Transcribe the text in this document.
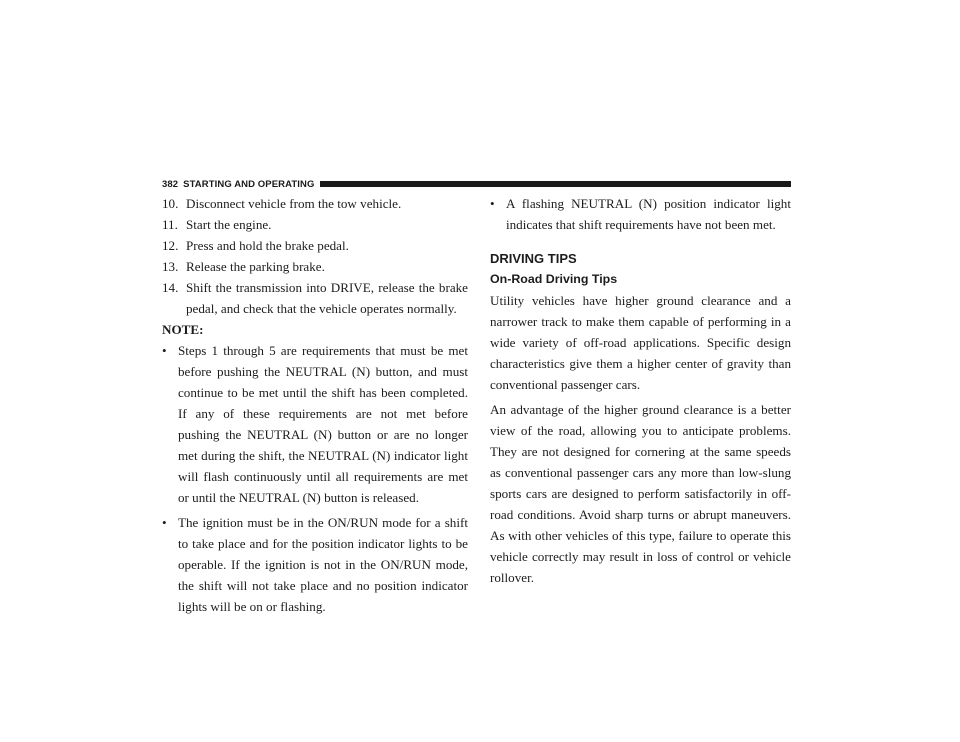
382 STARTING AND OPERATING

10. Disconnect vehicle from the tow vehicle.

11. Start the engine.

12. Press and hold the brake pedal.

13. Release the parking brake.

14. Shift the transmission into DRIVE, release the brake pedal, and check that the vehicle operates normally.

NOTE:

• Steps 1 through 5 are requirements that must be met before pushing the NEUTRAL (N) button, and must continue to be met until the shift has been completed. If any of these requirements are not met before pushing the NEUTRAL (N) button or are no longer met during the shift, the NEUTRAL (N) indicator light will flash continuously until all requirements are met or until the NEUTRAL (N) button is released.

• The ignition must be in the ON/RUN mode for a shift to take place and for the position indicator lights to be operable. If the ignition is not in the ON/RUN mode, the shift will not take place and no position indicator lights will be on or flashing.

• A flashing NEUTRAL (N) position indicator light indicates that shift requirements have not been met.

DRIVING TIPS
On-Road Driving Tips

Utility vehicles have higher ground clearance and a narrower track to make them capable of performing in a wide variety of off-road applications. Specific design characteristics give them a higher center of gravity than conventional passenger cars.

An advantage of the higher ground clearance is a better view of the road, allowing you to anticipate problems. They are not designed for cornering at the same speeds as conventional passenger cars any more than low-slung sports cars are designed to perform satisfactorily in off-road conditions. Avoid sharp turns or abrupt maneuvers. As with other vehicles of this type, failure to operate this vehicle correctly may result in loss of control or vehicle rollover.
